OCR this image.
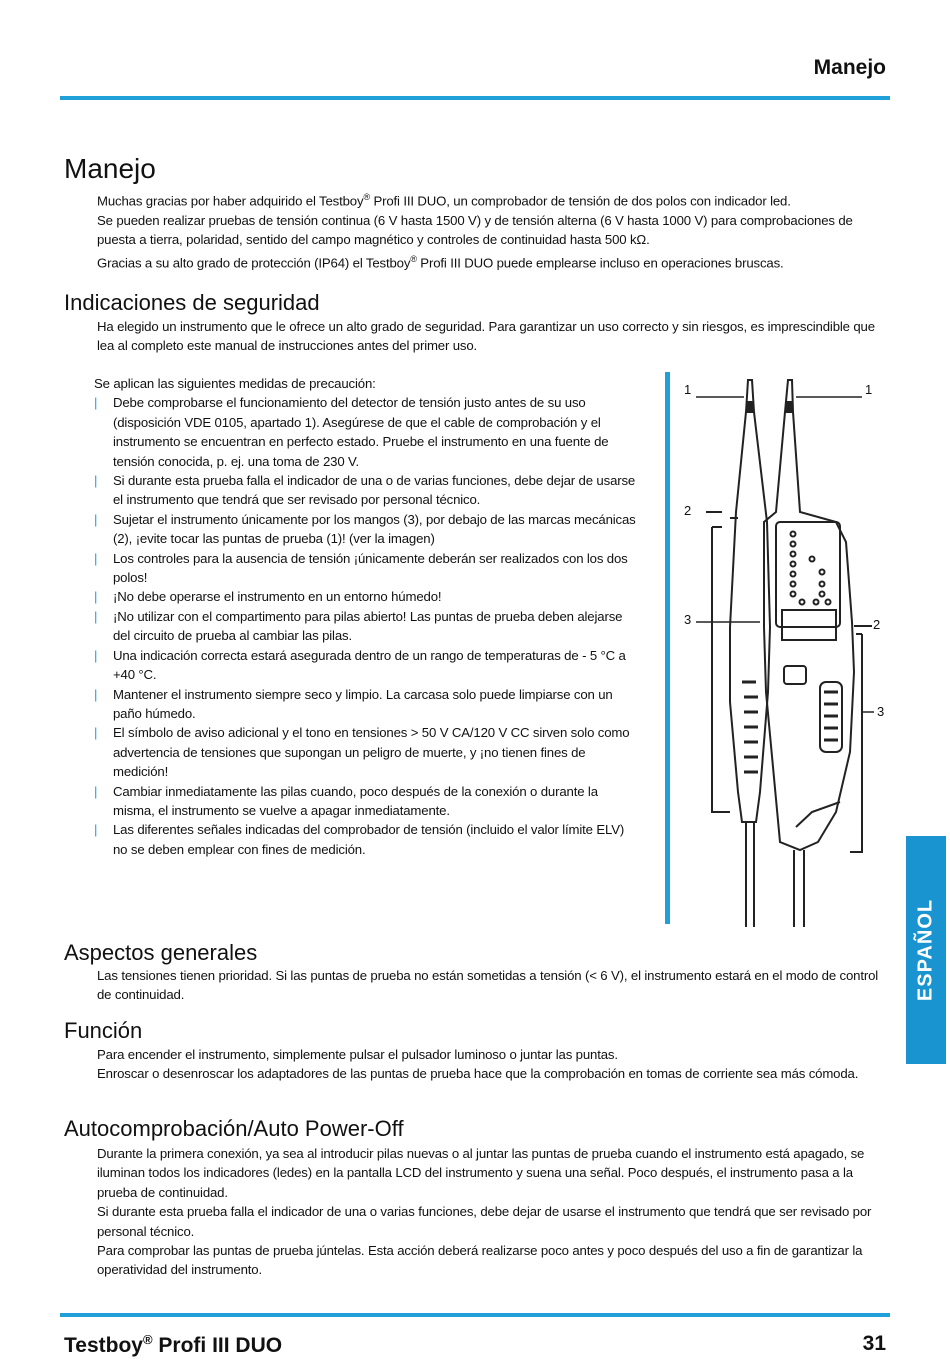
Manejo
Manejo

Muchas gracias por haber adquirido el Testboy® Profi III DUO, un comprobador de tensión de dos polos con indicador led.

Se pueden realizar pruebas de tensión continua (6 V hasta 1500 V) y de tensión alterna (6 V hasta 1000 V) para comprobaciones de puesta a tierra, polaridad, sentido del campo magnético y controles de continuidad hasta 500 kΩ.

Gracias a su alto grado de protección (IP64) el Testboy® Profi III DUO puede emplearse incluso en operaciones bruscas.

Indicaciones de seguridad

Ha elegido un instrumento que le ofrece un alto grado de seguridad. Para garantizar un uso correcto y sin riesgos, es imprescindible que lea al completo este manual de instrucciones antes del primer uso.

Se aplican las siguientes medidas de precaución:

| Debe comprobarse el funcionamiento del detector de tensión justo antes de su uso (disposición VDE 0105, apartado 1). Asegúrese de que el cable de comprobación y el instrumento se encuentran en perfecto estado. Pruebe el instrumento en una fuente de tensión conocida, p. ej. una toma de 230 V.
| Si durante esta prueba falla el indicador de una o de varias funciones, debe dejar de usarse el instrumento que tendrá que ser revisado por personal técnico.
| Sujetar el instrumento únicamente por los mangos (3), por debajo de las marcas mecánicas (2), ¡evite tocar las puntas de prueba (1)! (ver la imagen)
| Los controles para la ausencia de tensión ¡únicamente deberán ser realizados con los dos polos!
| ¡No debe operarse el instrumento en un entorno húmedo!
| ¡No utilizar con el compartimento para pilas abierto! Las puntas de prueba deben alejarse del circuito de prueba al cambiar las pilas.
| Una indicación correcta estará asegurada dentro de un rango de temperaturas de - 5 °C a +40 °C.
| Mantener el instrumento siempre seco y limpio. La carcasa solo puede limpiarse con un paño húmedo.
| El símbolo de aviso adicional y el tono en tensiones > 50 V CA/120 V CC sirven solo como advertencia de tensiones que supongan un peligro de muerte, y ¡no tienen fines de medición!
| Cambiar inmediatamente las pilas cuando, poco después de la conexión o durante la misma, el instrumento se vuelve a apagar inmediatamente.
| Las diferentes señales indicadas del comprobador de tensión (incluido el valor límite ELV) no se deben emplear con fines de medición.
1	1
2
2
3
3
Aspectos generales

Las tensiones tienen prioridad. Si las puntas de prueba no están sometidas a tensión (< 6 V), el instrumento estará en el modo de control de continuidad.

Función

Para encender el instrumento, simplemente pulsar el pulsador luminoso o juntar las puntas.

Enroscar o desenroscar los adaptadores de las puntas de prueba hace que la comprobación en tomas de corriente sea más cómoda.

Autocomprobación/Auto Power-Off

Durante la primera conexión, ya sea al introducir pilas nuevas o al juntar las puntas de prueba cuando el instrumento está apagado, se iluminan todos los indicadores (ledes) en la pantalla LCD del instrumento y suena una señal. Poco después, el instrumento pasa a la prueba de continuidad.

Si durante esta prueba falla el indicador de una o varias funciones, debe dejar de usarse el instrumento que tendrá que ser revisado por personal técnico.

Para comprobar las puntas de prueba júntelas. Esta acción deberá realizarse poco antes y poco después del uso a fin de garantizar la operatividad del instrumento.

ESPAÑOL
Testboy® Profi III DUO	31
